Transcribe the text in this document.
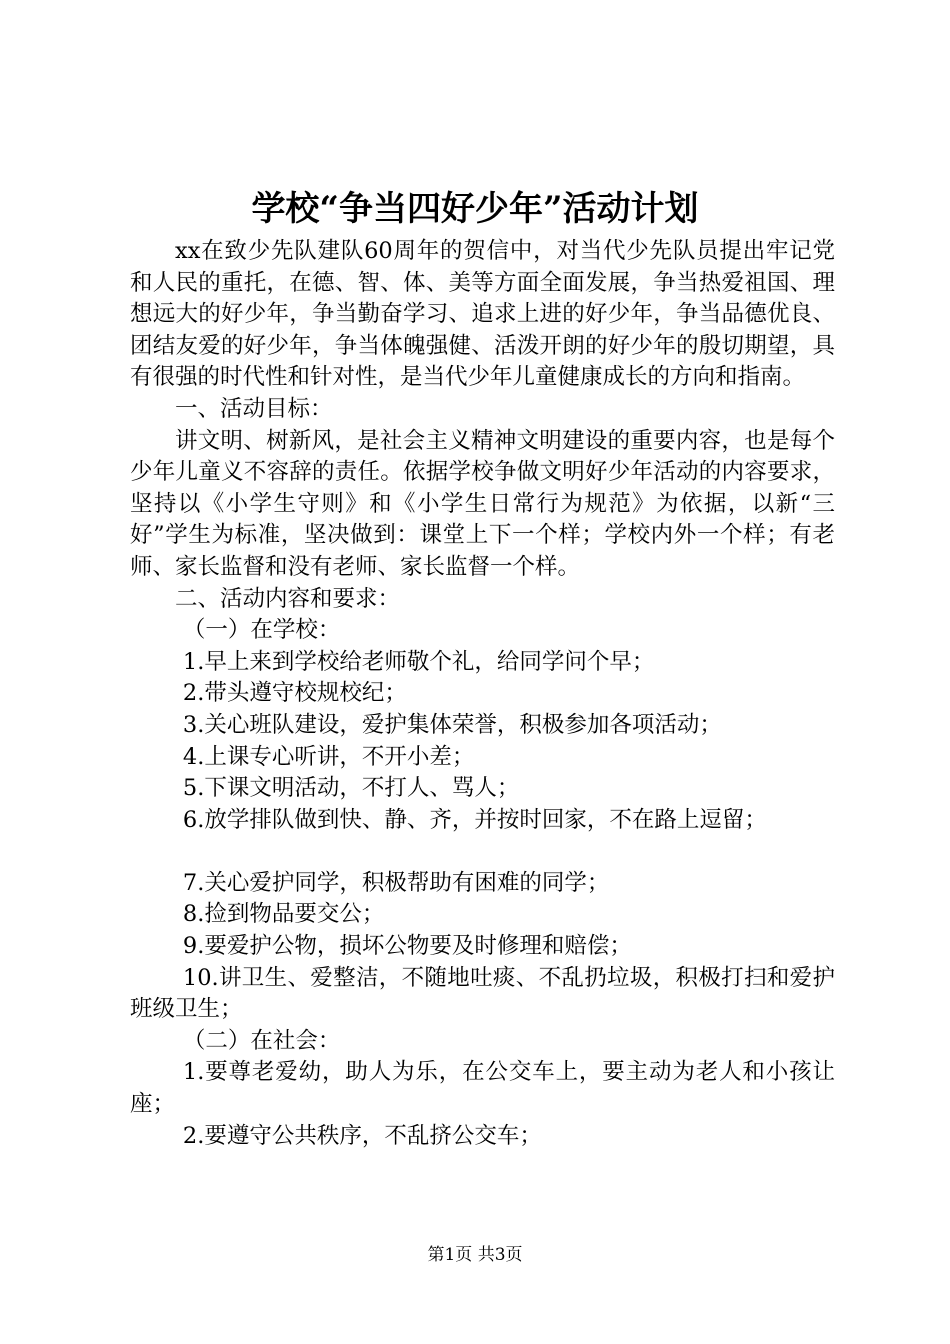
学校“争当四好少年”活动计划

xx在致少先队建队60周年的贺信中，对当代少先队员提出牢记党和人民的重托，在德、智、体、美等方面全面发展，争当热爱祖国、理想远大的好少年，争当勤奋学习、追求上进的好少年，争当品德优良、团结友爱的好少年，争当体魄强健、活泼开朗的好少年的殷切期望，具有很强的时代性和针对性，是当代少年儿童健康成长的方向和指南。

一、活动目标：

讲文明、树新风，是社会主义精神文明建设的重要内容，也是每个少年儿童义不容辞的责任。依据学校争做文明好少年活动的内容要求，坚持以《小学生守则》和《小学生日常行为规范》为依据，以新“三好”学生为标准，坚决做到：课堂上下一个样；学校内外一个样；有老师、家长监督和没有老师、家长监督一个样。

二、活动内容和要求：

（一）在学校：

1.早上来到学校给老师敬个礼，给同学问个早；

2.带头遵守校规校纪；

3.关心班队建设，爱护集体荣誉，积极参加各项活动；

4.上课专心听讲，不开小差；

5.下课文明活动，不打人、骂人；

6.放学排队做到快、静、齐，并按时回家，不在路上逗留；

7.关心爱护同学，积极帮助有困难的同学；

8.捡到物品要交公；

9.要爱护公物，损坏公物要及时修理和赔偿；

10.讲卫生、爱整洁，不随地吐痰、不乱扔垃圾，积极打扫和爱护班级卫生；

（二）在社会：

1.要尊老爱幼，助人为乐，在公交车上，要主动为老人和小孩让座；

2.要遵守公共秩序，不乱挤公交车；

第1页 共3页
